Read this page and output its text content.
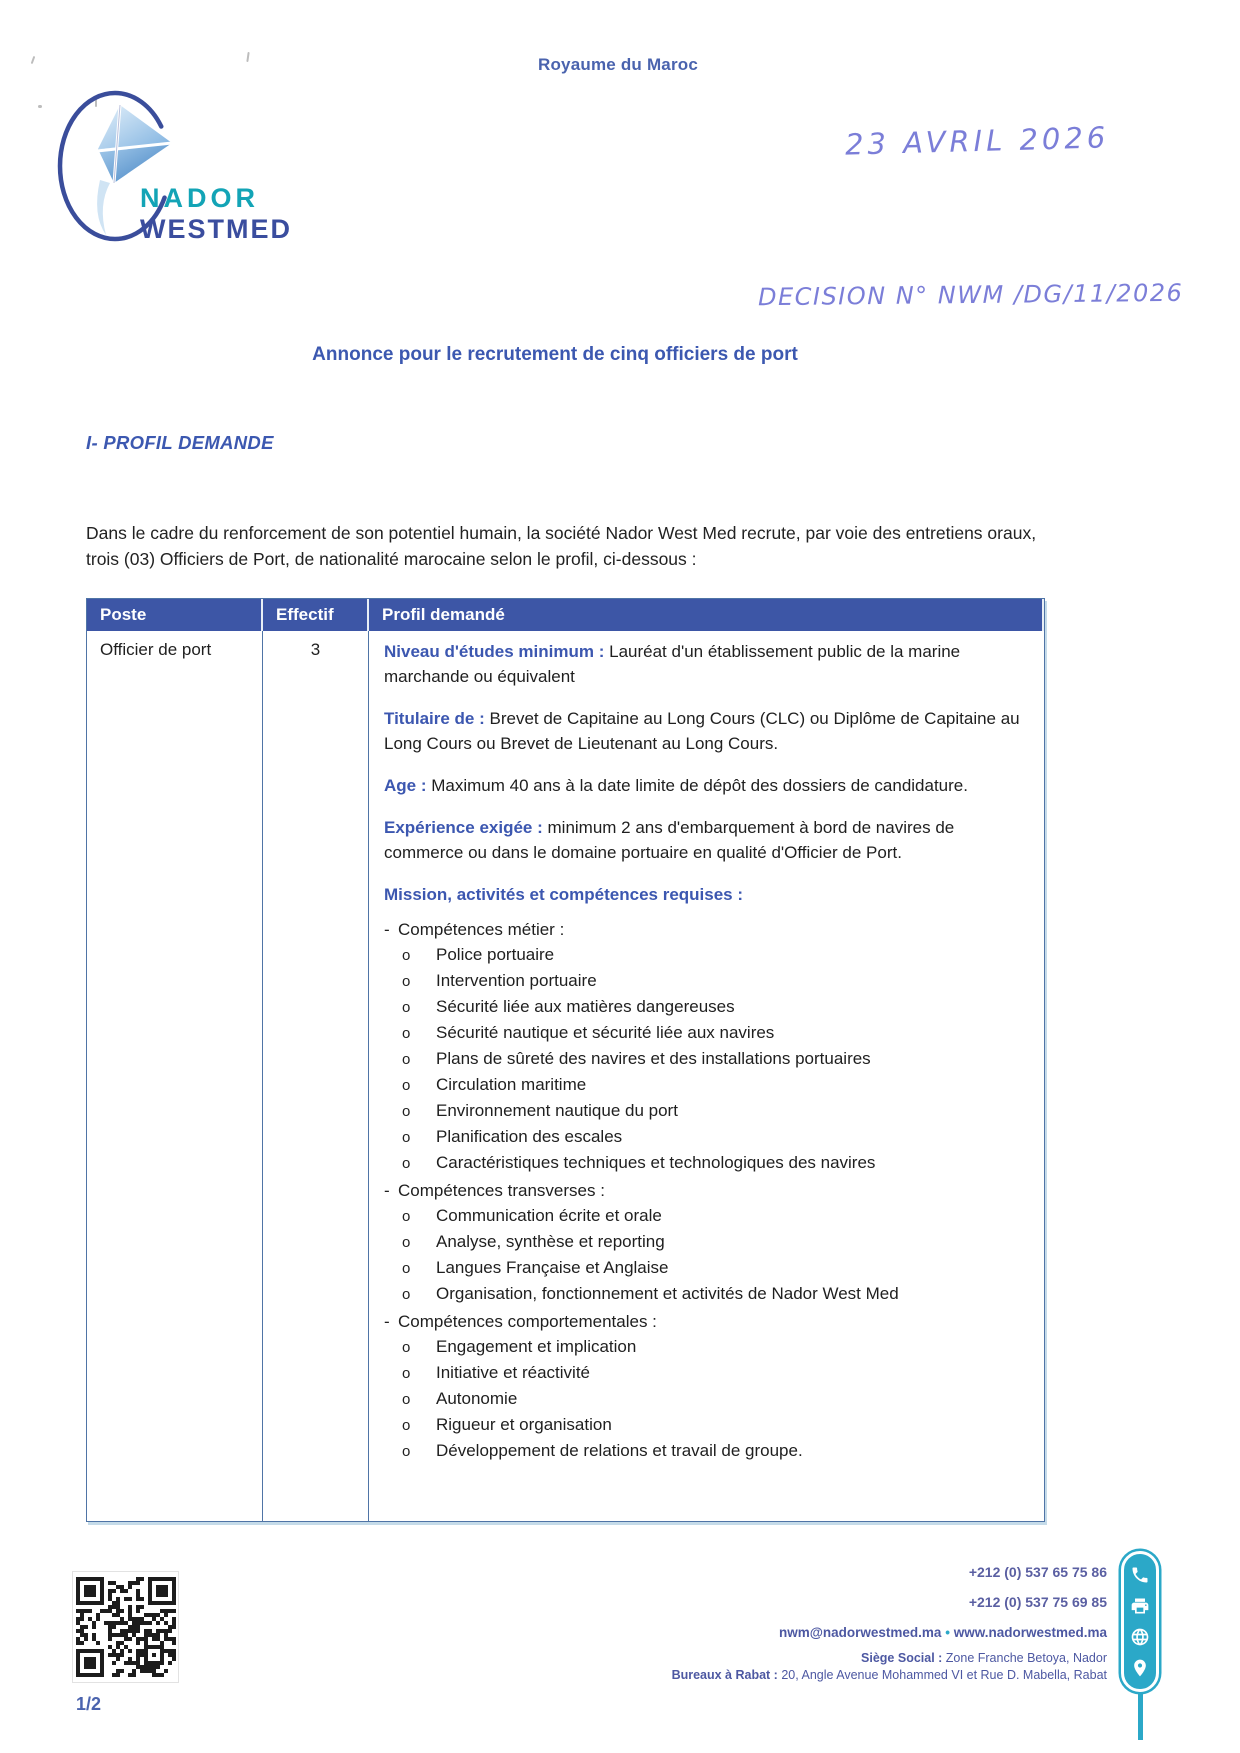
Royaume du Maroc
NADOR
WESTMED
23 AVRIL 2026
DECISION N° NWM /DG/11/2026
Annonce pour le recrutement de cinq officiers de port
I- PROFIL DEMANDE
Dans le cadre du renforcement de son potentiel humain, la société Nador West Med recrute, par voie des entretiens oraux, trois (03) Officiers de Port, de nationalité marocaine selon le profil, ci-dessous :
Poste	Effectif	Profil demandé
Officier de port	3	Niveau d'études minimum : Lauréat d'un établissement public de la marine marchande ou équivalent

Titulaire de : Brevet de Capitaine au Long Cours (CLC) ou Diplôme de Capitaine au Long Cours ou Brevet de Lieutenant au Long Cours.

Age : Maximum 40 ans à la date limite de dépôt des dossiers de candidature.

Expérience exigée : minimum 2 ans d'embarquement à bord de navires de commerce ou dans le domaine portuaire en qualité d'Officier de Port.

Mission, activités et compétences requises :

- Compétences métier :
o Police portuaire
o Intervention portuaire
o Sécurité liée aux matières dangereuses
o Sécurité nautique et sécurité liée aux navires
o Plans de sûreté des navires et des installations portuaires
o Circulation maritime
o Environnement nautique du port
o Planification des escales
o Caractéristiques techniques et technologiques des navires
- Compétences transverses :
o Communication écrite et orale
o Analyse, synthèse et reporting
o Langues Française et Anglaise
o Organisation, fonctionnement et activités de Nador West Med
- Compétences comportementales :
o Engagement et implication
o Initiative et réactivité
o Autonomie
o Rigueur et organisation
o Développement de relations et travail de groupe.
1/2
+212 (0) 537 65 75 86
+212 (0) 537 75 69 85
nwm@nadorwestmed.ma • www.nadorwestmed.ma
Siège Social : Zone Franche Betoya, Nador
Bureaux à Rabat : 20, Angle Avenue Mohammed VI et Rue D. Mabella, Rabat
